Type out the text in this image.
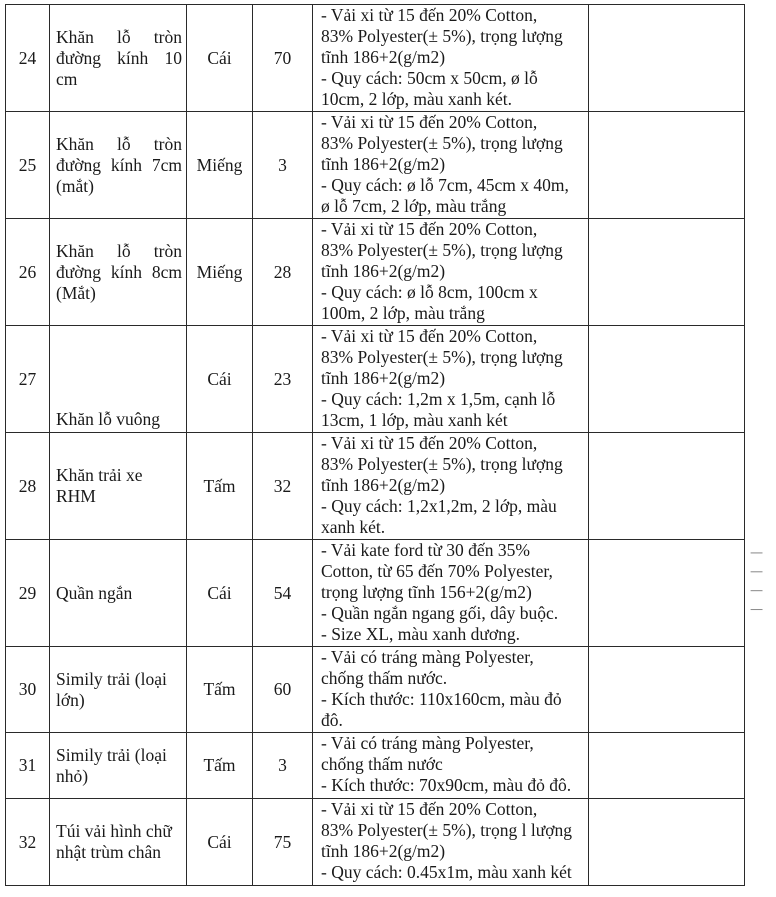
24	Khăn lỗ tròn đường kính 10 cm	Cái	70	- Vải xi từ 15 đến 20% Cotton,
83% Polyester(± 5%), trọng lượng
tĩnh 186+2(g/m2)
- Quy cách: 50cm x 50cm, ø lỗ
10cm, 2 lớp, màu xanh két.	

25	Khăn lỗ tròn đường kính 7cm (mắt)	Miếng	3	- Vải xi từ 15 đến 20% Cotton,
83% Polyester(± 5%), trọng lượng
tĩnh 186+2(g/m2)
- Quy cách: ø lỗ 7cm, 45cm x 40m,
ø lỗ 7cm, 2 lớp, màu trắng	

26	Khăn lỗ tròn đường kính 8cm (Mắt)	Miếng	28	- Vải xi từ 15 đến 20% Cotton,
83% Polyester(± 5%), trọng lượng
tĩnh 186+2(g/m2)
- Quy cách: ø lỗ 8cm, 100cm x
100m, 2 lớp, màu trắng	

27	Khăn lỗ vuông	Cái	23	- Vải xi từ 15 đến 20% Cotton,
83% Polyester(± 5%), trọng lượng
tĩnh 186+2(g/m2)
- Quy cách: 1,2m x 1,5m, cạnh lỗ
13cm, 1 lớp, màu xanh két	

28	Khăn trải xe RHM	Tấm	32	- Vải xi từ 15 đến 20% Cotton,
83% Polyester(± 5%), trọng lượng
tĩnh 186+2(g/m2)
- Quy cách: 1,2x1,2m, 2 lớp, màu
xanh két.	

29	Quần ngắn	Cái	54	- Vải kate ford từ 30 đến 35%
Cotton, từ 65 đến 70% Polyester,
trọng lượng tĩnh 156+2(g/m2)
- Quần ngắn ngang gối, dây buộc.
- Size XL, màu xanh dương.	

30	Simily trải (loại lớn)	Tấm	60	- Vải có tráng màng Polyester,
chống thấm nước.
- Kích thước: 110x160cm, màu đỏ
đô.	

31	Simily trải (loại nhỏ)	Tấm	3	- Vải có tráng màng Polyester,
chống thấm nước
- Kích thước: 70x90cm, màu đỏ đô.	

32	Túi vải hình chữ nhật trùm chân	Cái	75	- Vải xi từ 15 đến 20% Cotton,
83% Polyester(± 5%), trọng l lượng
tĩnh 186+2(g/m2)
- Quy cách: 0.45x1m, màu xanh két	

▏ ▏ ▏ ▏
